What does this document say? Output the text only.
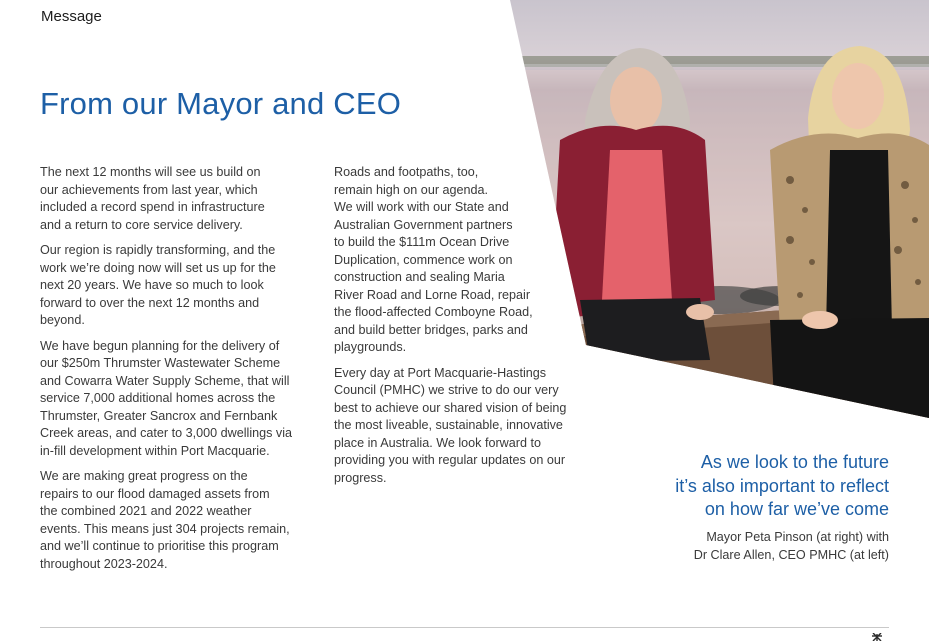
Message
From our Mayor and CEO

The next 12 months will see us build on
our achievements from last year, which
included a record spend in infrastructure
and a return to core service delivery.

Our region is rapidly transforming, and the
work we’re doing now will set us up for the
next 20 years. We have so much to look
forward to over the next 12 months and
beyond.

We have begun planning for the delivery of
our $250m Thrumster Wastewater Scheme
and Cowarra Water Supply Scheme, that will
service 7,000 additional homes across the
Thrumster, Greater Sancrox and Fernbank
Creek areas, and cater to 3,000 dwellings via
in-fill development within Port Macquarie.

We are making great progress on the
repairs to our flood damaged assets from
the combined 2021 and 2022 weather
events. This means just 304 projects remain,
and we’ll continue to prioritise this program
throughout 2023-2024.

Roads and footpaths, too,
remain high on our agenda.
We will work with our State and
Australian Government partners
to build the $111m Ocean Drive
Duplication, commence work on
construction and sealing Maria
River Road and Lorne Road, repair
the flood-affected Comboyne Road,
and build better bridges, parks and
playgrounds.

Every day at Port Macquarie-Hastings
Council (PMHC) we strive to do our very
best to achieve our shared vision of being
the most liveable, sustainable, innovative
place in Australia. We look forward to
providing you with regular updates on our
progress.

As we look to the future
it’s also important to reflect
on how far we’ve come
Mayor Peta Pinson (at right) with
Dr Clare Allen, CEO PMHC (at left)
